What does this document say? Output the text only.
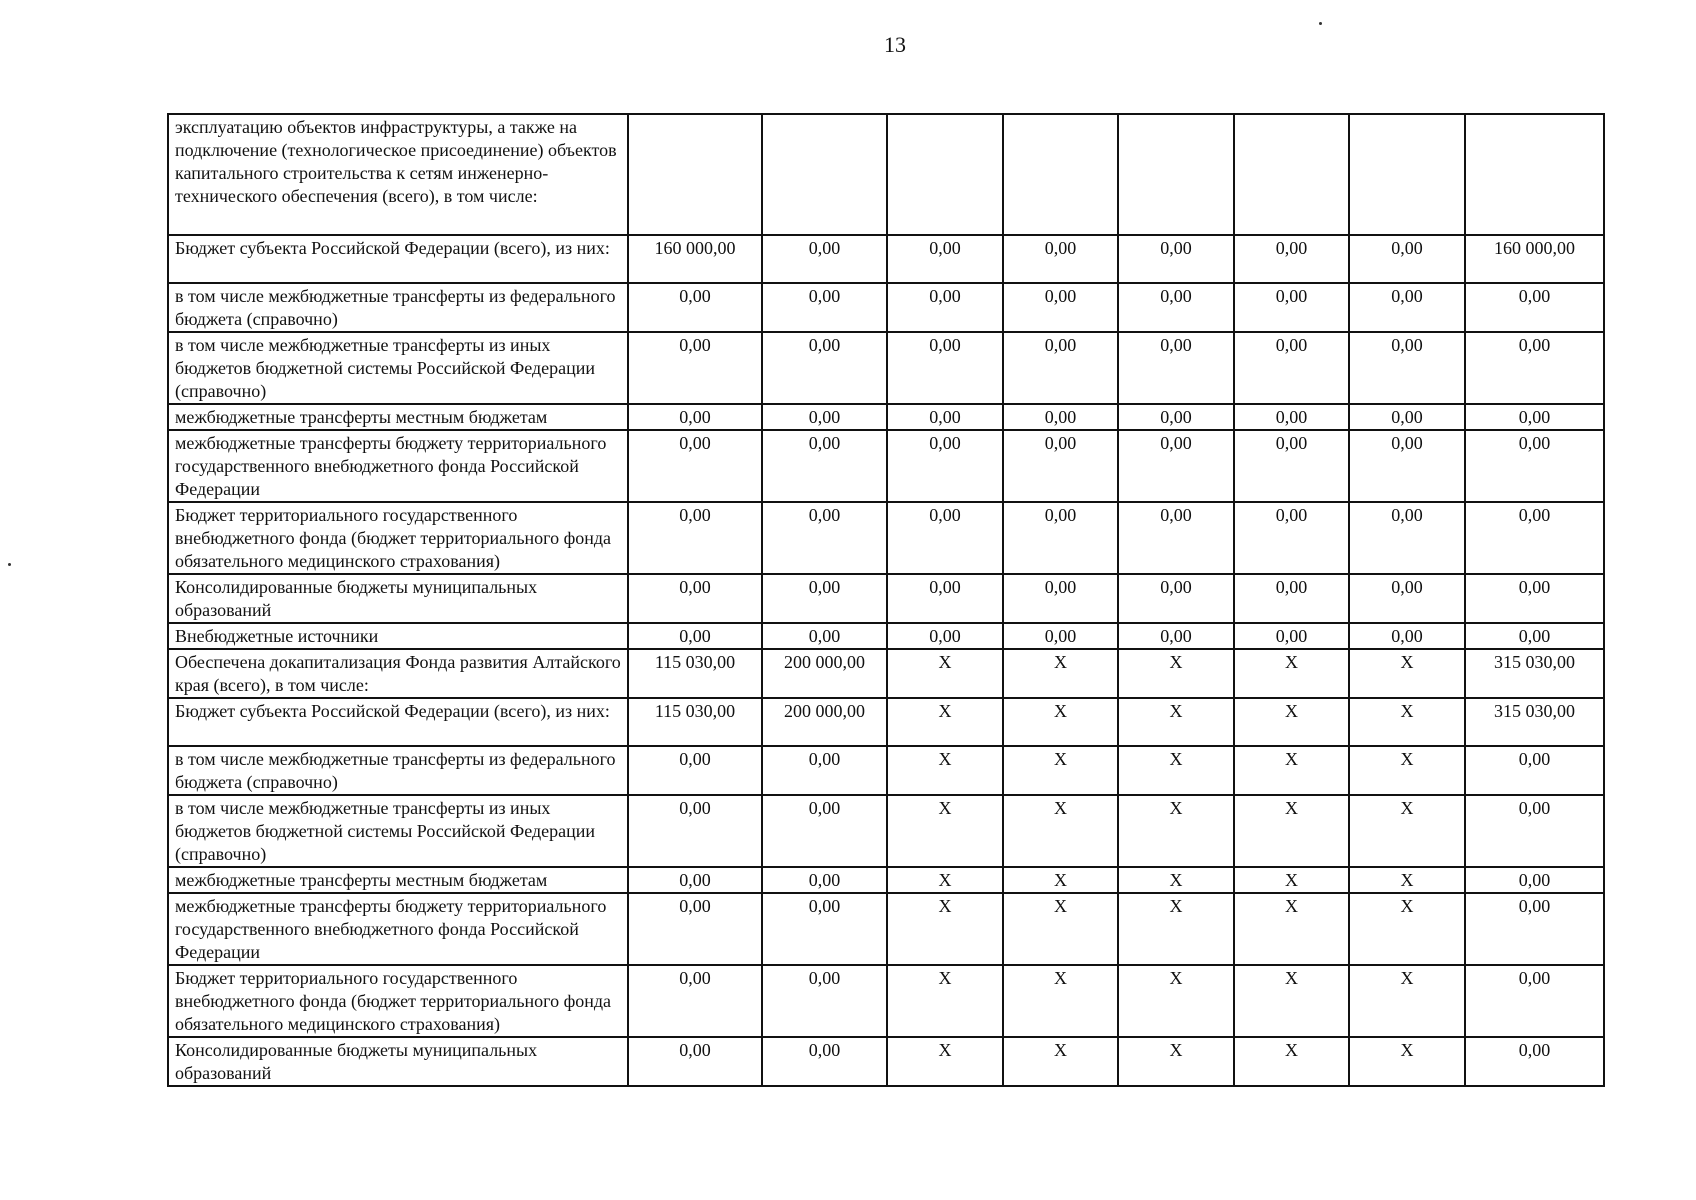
13
эксплуатацию объектов инфраструктуры, а также на подключение (технологическое присоединение) объектов капитального строительства к сетям инженерно-технического обеспечения (всего), в том числе:								
Бюджет субъекта Российской Федерации (всего), из них:	160 000,00	0,00	0,00	0,00	0,00	0,00	0,00	160 000,00
в том числе межбюджетные трансферты из федерального бюджета (справочно)	0,00	0,00	0,00	0,00	0,00	0,00	0,00	0,00
в том числе межбюджетные трансферты из иных бюджетов бюджетной системы Российской Федерации (справочно)	0,00	0,00	0,00	0,00	0,00	0,00	0,00	0,00
межбюджетные трансферты местным бюджетам	0,00	0,00	0,00	0,00	0,00	0,00	0,00	0,00
межбюджетные трансферты бюджету территориального государственного внебюджетного фонда Российской Федерации	0,00	0,00	0,00	0,00	0,00	0,00	0,00	0,00
Бюджет территориального государственного внебюджетного фонда (бюджет территориального фонда обязательного медицинского страхования)	0,00	0,00	0,00	0,00	0,00	0,00	0,00	0,00
Консолидированные бюджеты муниципальных образований	0,00	0,00	0,00	0,00	0,00	0,00	0,00	0,00
Внебюджетные источники	0,00	0,00	0,00	0,00	0,00	0,00	0,00	0,00
Обеспечена докапитализация Фонда развития Алтайского края (всего), в том числе:	115 030,00	200 000,00	X	X	X	X	X	315 030,00
Бюджет субъекта Российской Федерации (всего), из них:	115 030,00	200 000,00	X	X	X	X	X	315 030,00
в том числе межбюджетные трансферты из федерального бюджета (справочно)	0,00	0,00	X	X	X	X	X	0,00
в том числе межбюджетные трансферты из иных бюджетов бюджетной системы Российской Федерации (справочно)	0,00	0,00	X	X	X	X	X	0,00
межбюджетные трансферты местным бюджетам	0,00	0,00	X	X	X	X	X	0,00
межбюджетные трансферты бюджету территориального государственного внебюджетного фонда Российской Федерации	0,00	0,00	X	X	X	X	X	0,00
Бюджет территориального государственного внебюджетного фонда (бюджет территориального фонда обязательного медицинского страхования)	0,00	0,00	X	X	X	X	X	0,00
Консолидированные бюджеты муниципальных образований	0,00	0,00	X	X	X	X	X	0,00
